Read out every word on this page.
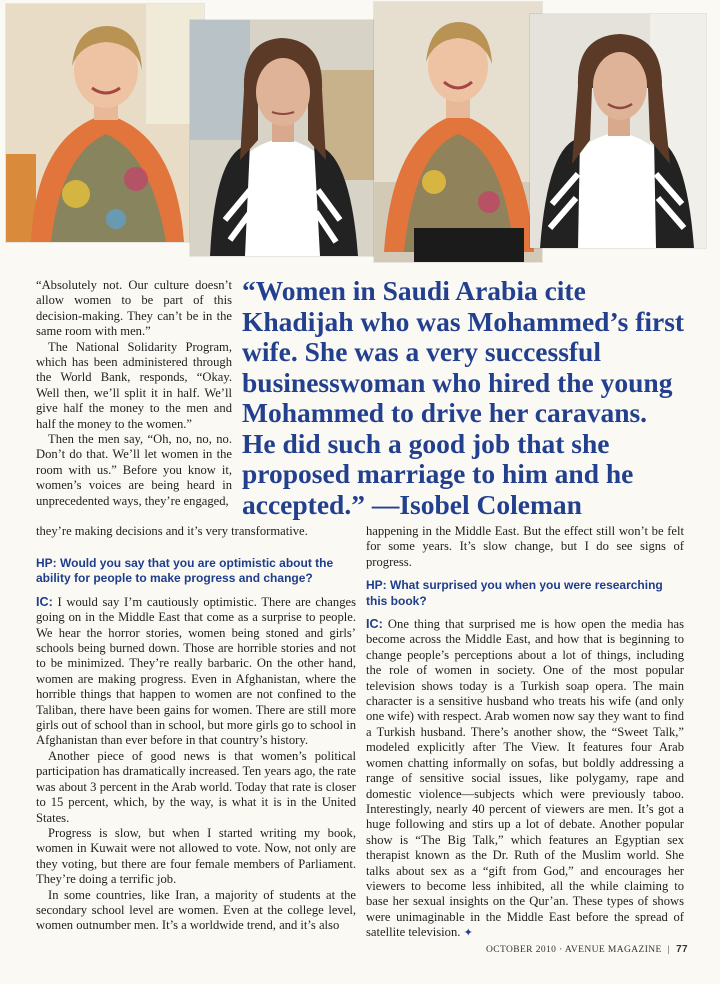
“Absolutely not. Our culture doesn’t allow women to be part of this decision-making. They can’t be in the same room with men.”

The National Solidarity Program, which has been administered through the World Bank, responds, “Okay. Well then, we’ll split it in half. We’ll give half the money to the men and half the money to the women.”

Then the men say, “Oh, no, no, no. Don’t do that. We’ll let women in the room with us.” Before you know it, women’s voices are being heard in unprecedented ways, they’re engaged,

“Women in Saudi Arabia cite Khadijah who was Mohammed’s first wife. She was a very successful businesswoman who hired the young Mohammed to drive her caravans. He did such a good job that she proposed marriage to him and he accepted.” —Isobel Coleman
they’re making decisions and it’s very transformative.

HP: Would you say that you are optimistic about the ability for people to make progress and change?

IC: I would say I’m cautiously optimistic. There are changes going on in the Middle East that come as a surprise to people. We hear the horror stories, women being stoned and girls’ schools being burned down. Those are horrible stories and not to be minimized. They’re really barbaric. On the other hand, women are making progress. Even in Afghanistan, where the horrible things that happen to women are not confined to the Taliban, there have been gains for women. There are still more girls out of school than in school, but more girls go to school in Afghanistan than ever before in that country’s history.

Another piece of good news is that women’s political participation has dramatically increased. Ten years ago, the rate was about 3 percent in the Arab world. Today that rate is closer to 15 percent, which, by the way, is what it is in the United States.

Progress is slow, but when I started writing my book, women in Kuwait were not allowed to vote. Now, not only are they voting, but there are four female members of Parliament. They’re doing a terrific job.

In some countries, like Iran, a majority of students at the secondary school level are women. Even at the college level, women outnumber men. It’s a worldwide trend, and it’s also

happening in the Middle East. But the effect still won’t be felt for some years. It’s slow change, but I do see signs of progress.

HP: What surprised you when you were researching this book?

IC: One thing that surprised me is how open the media has become across the Middle East, and how that is beginning to change people’s perceptions about a lot of things, including the role of women in society. One of the most popular television shows today is a Turkish soap opera. The main character is a sensitive husband who treats his wife (and only one wife) with respect. Arab women now say they want to find a Turkish husband. There’s another show, the “Sweet Talk,” modeled explicitly after The View. It features four Arab women chatting informally on sofas, but boldly addressing a range of sensitive social issues, like polygamy, rape and domestic violence—subjects which were previously taboo. Interestingly, nearly 40 percent of viewers are men. It’s got a huge following and stirs up a lot of debate. Another popular show is “The Big Talk,” which features an Egyptian sex therapist known as the Dr. Ruth of the Muslim world. She talks about sex as a “gift from God,” and encourages her viewers to become less inhibited, all the while claiming to base her sexual insights on the Qur’an. These types of shows were unimaginable in the Middle East before the spread of satellite television. ✦

OCTOBER 2010 · AVENUE MAGAZINE | 77
